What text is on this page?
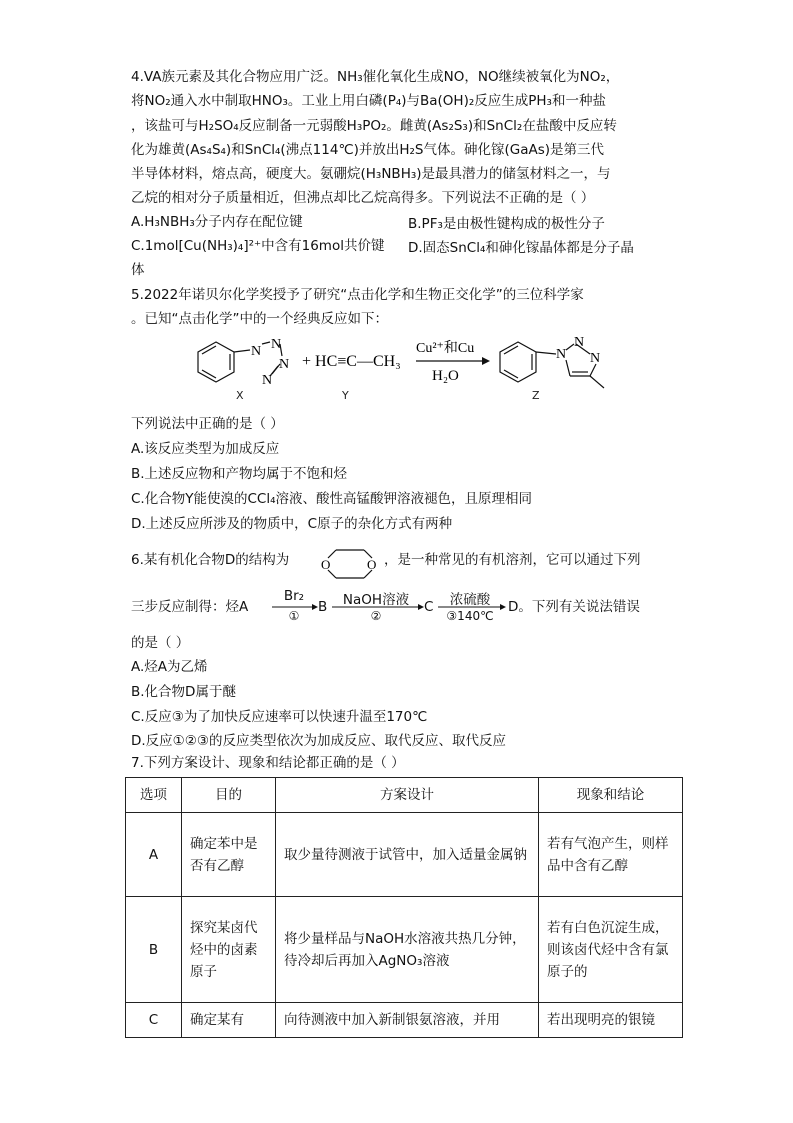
4.VA族元素及其化合物应用广泛。NH₃催化氧化生成NO，NO继续被氧化为NO₂，
将NO₂通入水中制取HNO₃。工业上用白磷(P₄)与Ba(OH)₂反应生成PH₃和一种盐
，该盐可与H₂SO₄反应制备一元弱酸H₃PO₂。雌黄(As₂S₃)和SnCl₂在盐酸中反应转
化为雄黄(As₄S₄)和SnCl₄(沸点114℃)并放出H₂S气体。砷化镓(GaAs)是第三代
半导体材料，熔点高，硬度大。氨硼烷(H₃NBH₃)是最具潜力的储氢材料之一，与
乙烷的相对分子质量相近，但沸点却比乙烷高得多。下列说法不正确的是（ ）
A.H₃NBH₃分子内存在配位键	B.PF₃是由极性键构成的极性分子
C.1mol[Cu(NH₃)₄]²⁺中含有16mol共价键 D.固态SnCl₄和砷化镓晶体都是分子晶
体
5.2022年诺贝尔化学奖授予了研究“点击化学和生物正交化学”的三位科学家
。已知“点击化学”中的一个经典反应如下：
N N
N
N
+ HC≡C—CH₃
Cu²⁺和Cu
H₂O
N
N
N
X	Y	Z
下列说法中正确的是（ ）
A.该反应类型为加成反应
B.上述反应物和产物均属于不饱和烃
C.化合物Y能使溴的CCl₄溶液、酸性高锰酸钾溶液褪色，且原理相同
D.上述反应所涉及的物质中，C原子的杂化方式有两种
6.某有机化合物D的结构为 O	O ，是一种常见的有机溶剂，它可以通过下列
三步反应制得：烃A
Br₂
①
B	NaOH溶液
②
C	浓硫酸
③140℃
D。下列有关说法错误
的是（ ）
A.烃A为乙烯
B.化合物D属于醚
C.反应③为了加快反应速率可以快速升温至170℃
D.反应①②③的反应类型依次为加成反应、取代反应、取代反应
7.下列方案设计、现象和结论都正确的是（ ）
选项	目的	方案设计	现象和结论
A	确定苯中是否有乙醇	取少量待测液于试管中，加入适量金属钠	若有气泡产生，则样品中含有乙醇
B	探究某卤代烃中的卤素原子	将少量样品与NaOH水溶液共热几分钟，待冷却后再加入AgNO₃溶液	若有白色沉淀生成，则该卤代烃中含有氯原子的
C	确定某有	向待测液中加入新制银氨溶液，并用	若出现明亮的银镜
